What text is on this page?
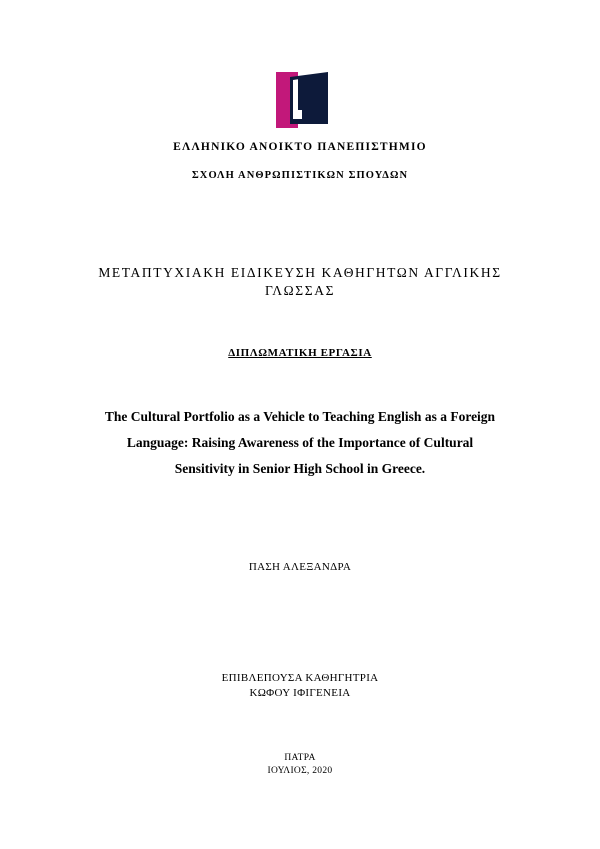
ΕΛΛΗΝΙΚΟ ΑΝΟΙΚΤΟ ΠΑΝΕΠΙΣΤΗΜΙΟ
ΣΧΟΛΗ ΑΝΘΡΩΠΙΣΤΙΚΩΝ ΣΠΟΥΔΩΝ
ΜΕΤΑΠΤΥΧΙΑΚΗ ΕΙΔΙΚΕΥΣΗ ΚΑΘΗΓΗΤΩΝ ΑΓΓΛΙΚΗΣ
ΓΛΩΣΣΑΣ
ΔΙΠΛΩΜΑΤΙΚΗ ΕΡΓΑΣΙΑ
The Cultural Portfolio as a Vehicle to Teaching English as a Foreign
Language: Raising Awareness of the Importance of Cultural
Sensitivity in Senior High School in Greece.
ΠΑΣΗ ΑΛΕΞΑΝΔΡΑ
ΕΠΙΒΛΕΠΟΥΣΑ ΚΑΘΗΓΗΤΡΙΑ
ΚΩΦΟΥ ΙΦΙΓΕΝΕΙΑ
ΠΑΤΡΑ
ΙΟΥΛΙΟΣ, 2020
